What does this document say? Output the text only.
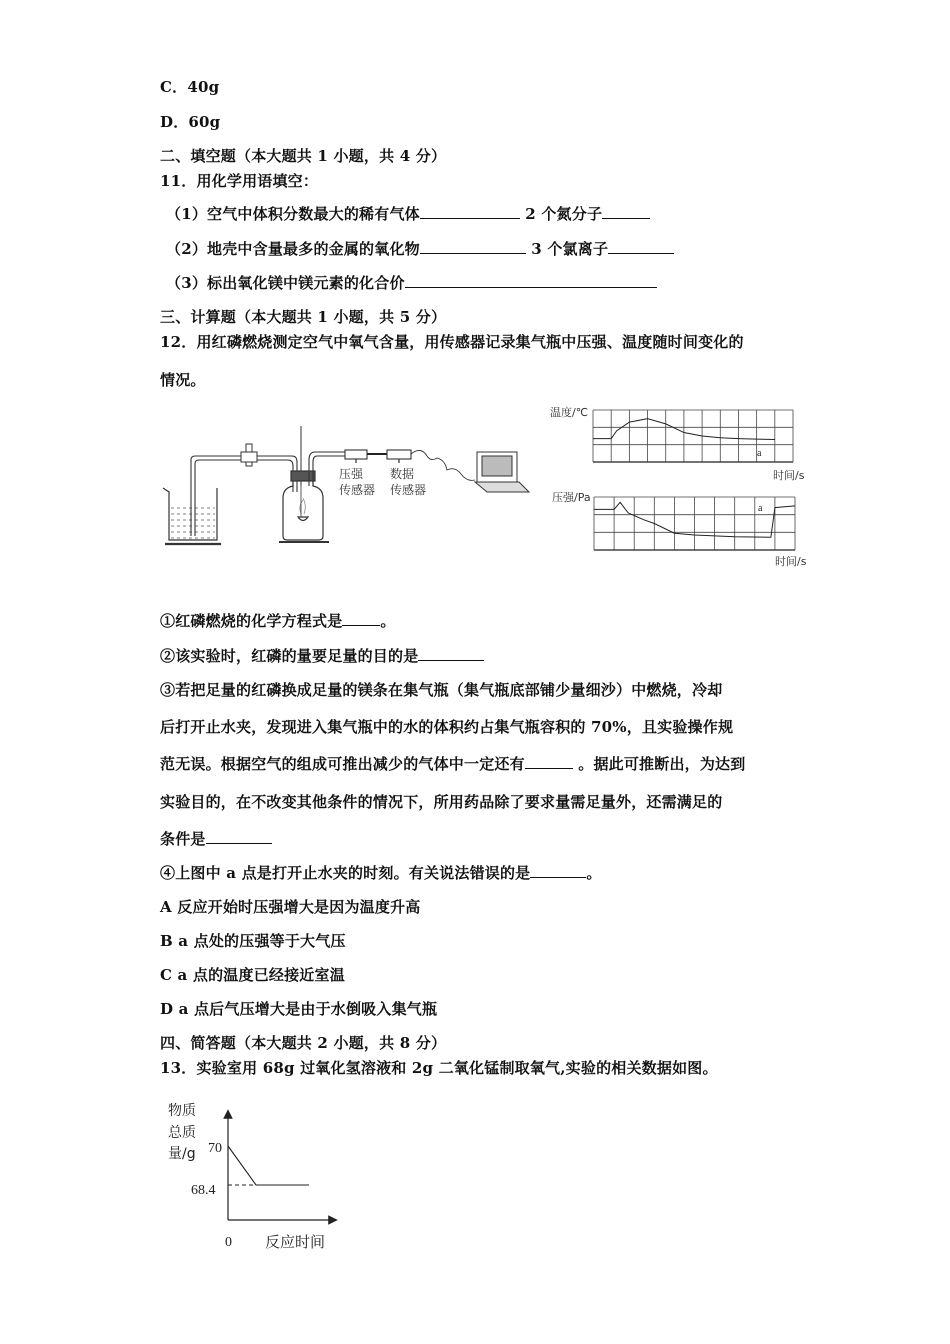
C．40g
D．60g
二、填空题（本大题共 1 小题，共 4 分）
11．用化学用语填空：
（1）空气中体积分数最大的稀有气体	2 个氮分子
（2）地壳中含量最多的金属的氧化物	3 个氯离子
（3）标出氧化镁中镁元素的化合价
三、计算题（本大题共 1 小题，共 5 分）
12．用红磷燃烧测定空气中氧气含量，用传感器记录集气瓶中压强、温度随时间变化的
情况。
压强
传感器
数据
传感器
温度/℃
a
时间/s
压强/Pa
a
时间/s
①红磷燃烧的化学方程式是	。
②该实验时，红磷的量要足量的目的是
③若把足量的红磷换成足量的镁条在集气瓶（集气瓶底部铺少量细沙）中燃烧，冷却
后打开止水夹，发现进入集气瓶中的水的体积约占集气瓶容积的 70%，且实验操作规
范无误。根据空气的组成可推出减少的气体中一定还有	。据此可推断出，为达到
实验目的，在不改变其他条件的情况下，所用药品除了要求量需足量外，还需满足的
条件是
④上图中 a 点是打开止水夹的时刻。有关说法错误的是	。
A 反应开始时压强增大是因为温度升高
B a 点处的压强等于大气压
C a 点的温度已经接近室温
D a 点后气压增大是由于水倒吸入集气瓶
四、简答题（本大题共 2 小题，共 8 分）
13．实验室用 68g 过氧化氢溶液和 2g 二氧化锰制取氧气,实验的相关数据如图。
物质
总质
量/g 70
68.4
0 反应时间
